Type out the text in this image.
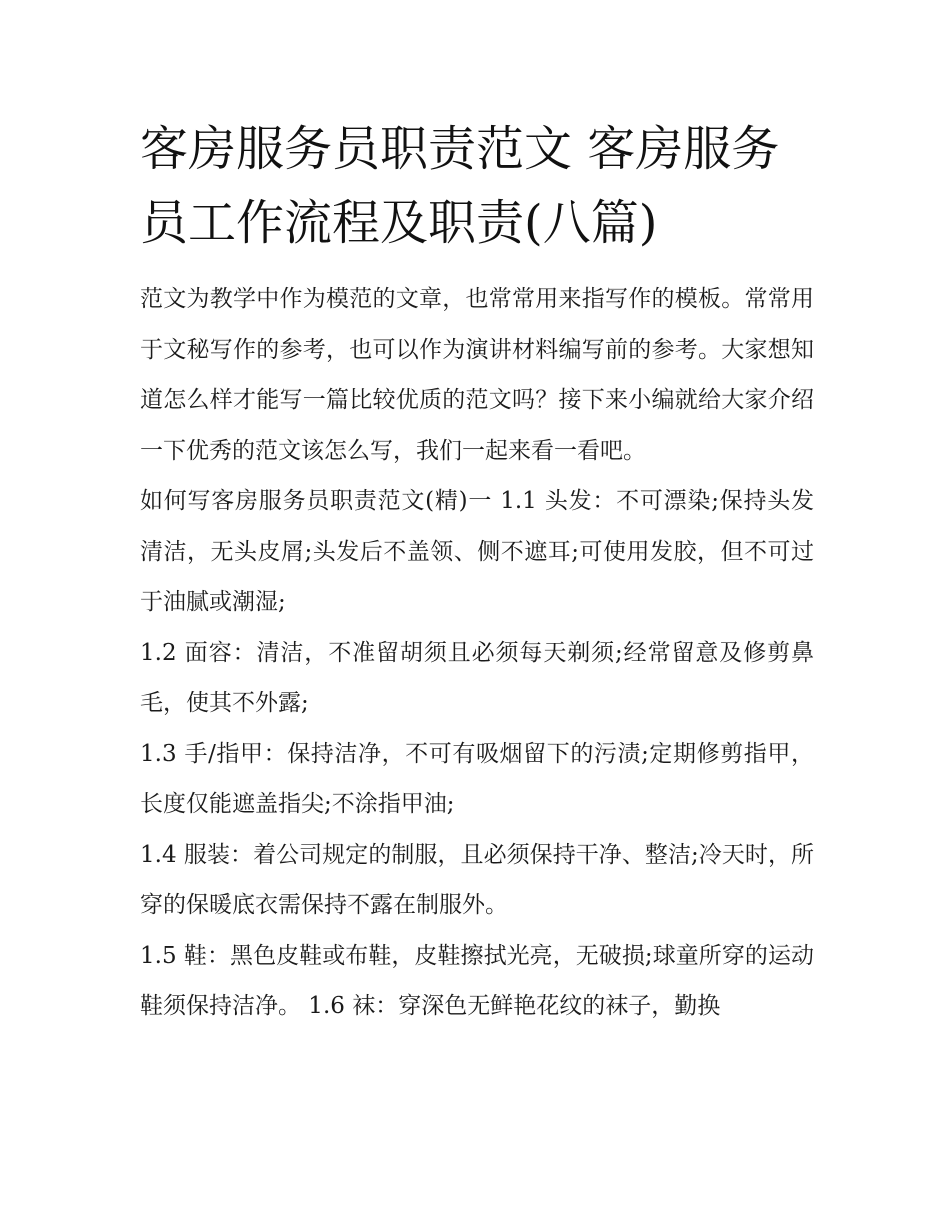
客房服务员职责范文 客房服务员工作流程及职责(八篇)

范文为教学中作为模范的文章，也常常用来指写作的模板。常常用于文秘写作的参考，也可以作为演讲材料编写前的参考。大家想知道怎么样才能写一篇比较优质的范文吗？接下来小编就给大家介绍一下优秀的范文该怎么写，我们一起来看一看吧。

如何写客房服务员职责范文(精)一 1.1 头发：不可漂染;保持头发清洁，无头皮屑;头发后不盖领、侧不遮耳;可使用发胶，但不可过于油腻或潮湿;

1.2 面容：清洁，不准留胡须且必须每天剃须;经常留意及修剪鼻毛，使其不外露;

1.3 手/指甲：保持洁净，不可有吸烟留下的污渍;定期修剪指甲，长度仅能遮盖指尖;不涂指甲油;

1.4 服装：着公司规定的制服，且必须保持干净、整洁;冷天时，所穿的保暖底衣需保持不露在制服外。

1.5 鞋：黑色皮鞋或布鞋，皮鞋擦拭光亮，无破损;球童所穿的运动鞋须保持洁净。 1.6 袜：穿深色无鲜艳花纹的袜子，勤换
